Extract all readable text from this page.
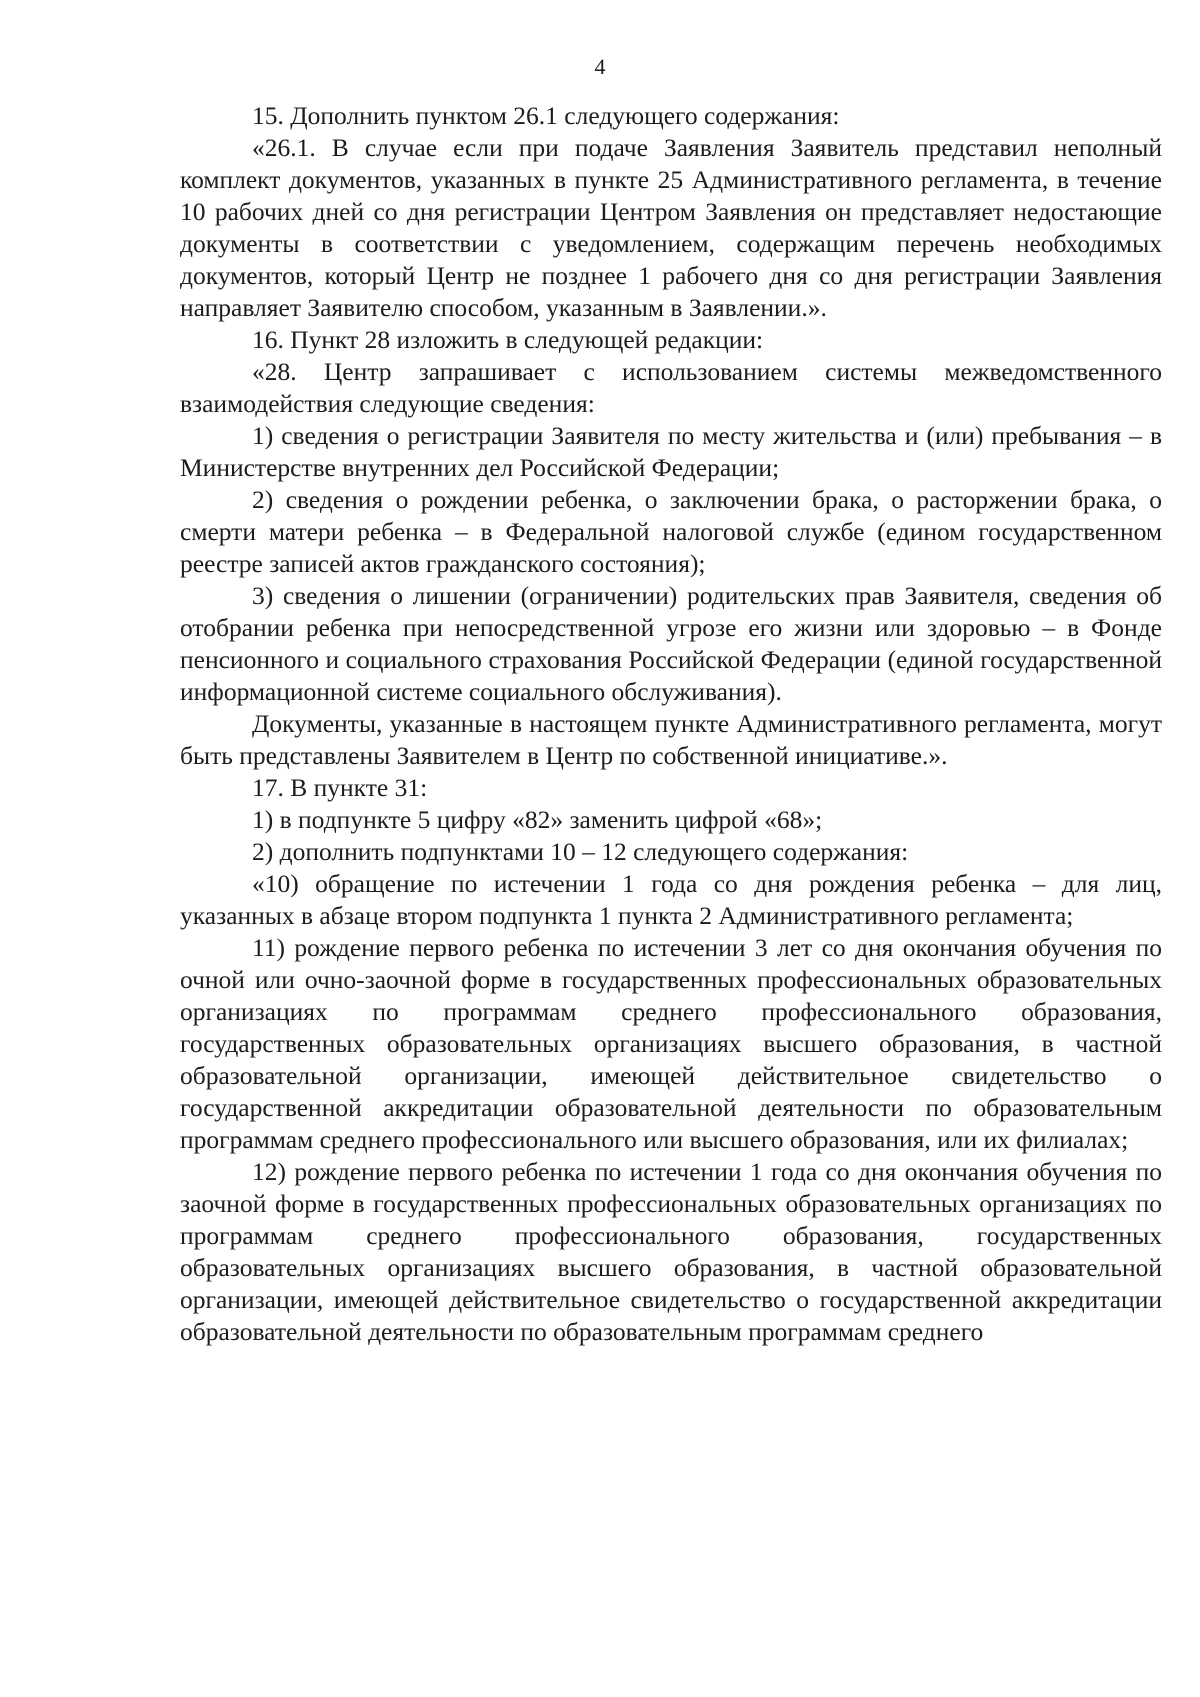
4

15. Дополнить пунктом 26.1 следующего содержания:

«26.1. В случае если при подаче Заявления Заявитель представил неполный комплект документов, указанных в пункте 25 Административного регламента, в течение 10 рабочих дней со дня регистрации Центром Заявления он представляет недостающие документы в соответствии с уведомлением, содержащим перечень необходимых документов, который Центр не позднее 1 рабочего дня со дня регистрации Заявления направляет Заявителю способом, указанным в Заявлении.».

16. Пункт 28 изложить в следующей редакции:

«28. Центр запрашивает с использованием системы межведомственного взаимодействия следующие сведения:

1) сведения о регистрации Заявителя по месту жительства и (или) пребывания – в Министерстве внутренних дел Российской Федерации;

2) сведения о рождении ребенка, о заключении брака, о расторжении брака, о смерти матери ребенка – в Федеральной налоговой службе (едином государственном реестре записей актов гражданского состояния);

3) сведения о лишении (ограничении) родительских прав Заявителя, сведения об отобрании ребенка при непосредственной угрозе его жизни или здоровью – в Фонде пенсионного и социального страхования Российской Федерации (единой государственной информационной системе социального обслуживания).

Документы, указанные в настоящем пункте Административного регламента, могут быть представлены Заявителем в Центр по собственной инициативе.».

17. В пункте 31:

1) в подпункте 5 цифру «82» заменить цифрой «68»;

2) дополнить подпунктами 10 – 12 следующего содержания:

«10) обращение по истечении 1 года со дня рождения ребенка – для лиц, указанных в абзаце втором подпункта 1 пункта 2 Административного регламента;

11) рождение первого ребенка по истечении 3 лет со дня окончания обучения по очной или очно-заочной форме в государственных профессиональных образовательных организациях по программам среднего профессионального образования, государственных образовательных организациях высшего образования, в частной образовательной организации, имеющей действительное свидетельство о государственной аккредитации образовательной деятельности по образовательным программам среднего профессионального или высшего образования, или их филиалах;

12) рождение первого ребенка по истечении 1 года со дня окончания обучения по заочной форме в государственных профессиональных образовательных организациях по программам среднего профессионального образования, государственных образовательных организациях высшего образования, в частной образовательной организации, имеющей действительное свидетельство о государственной аккредитации образовательной деятельности по образовательным программам среднего
